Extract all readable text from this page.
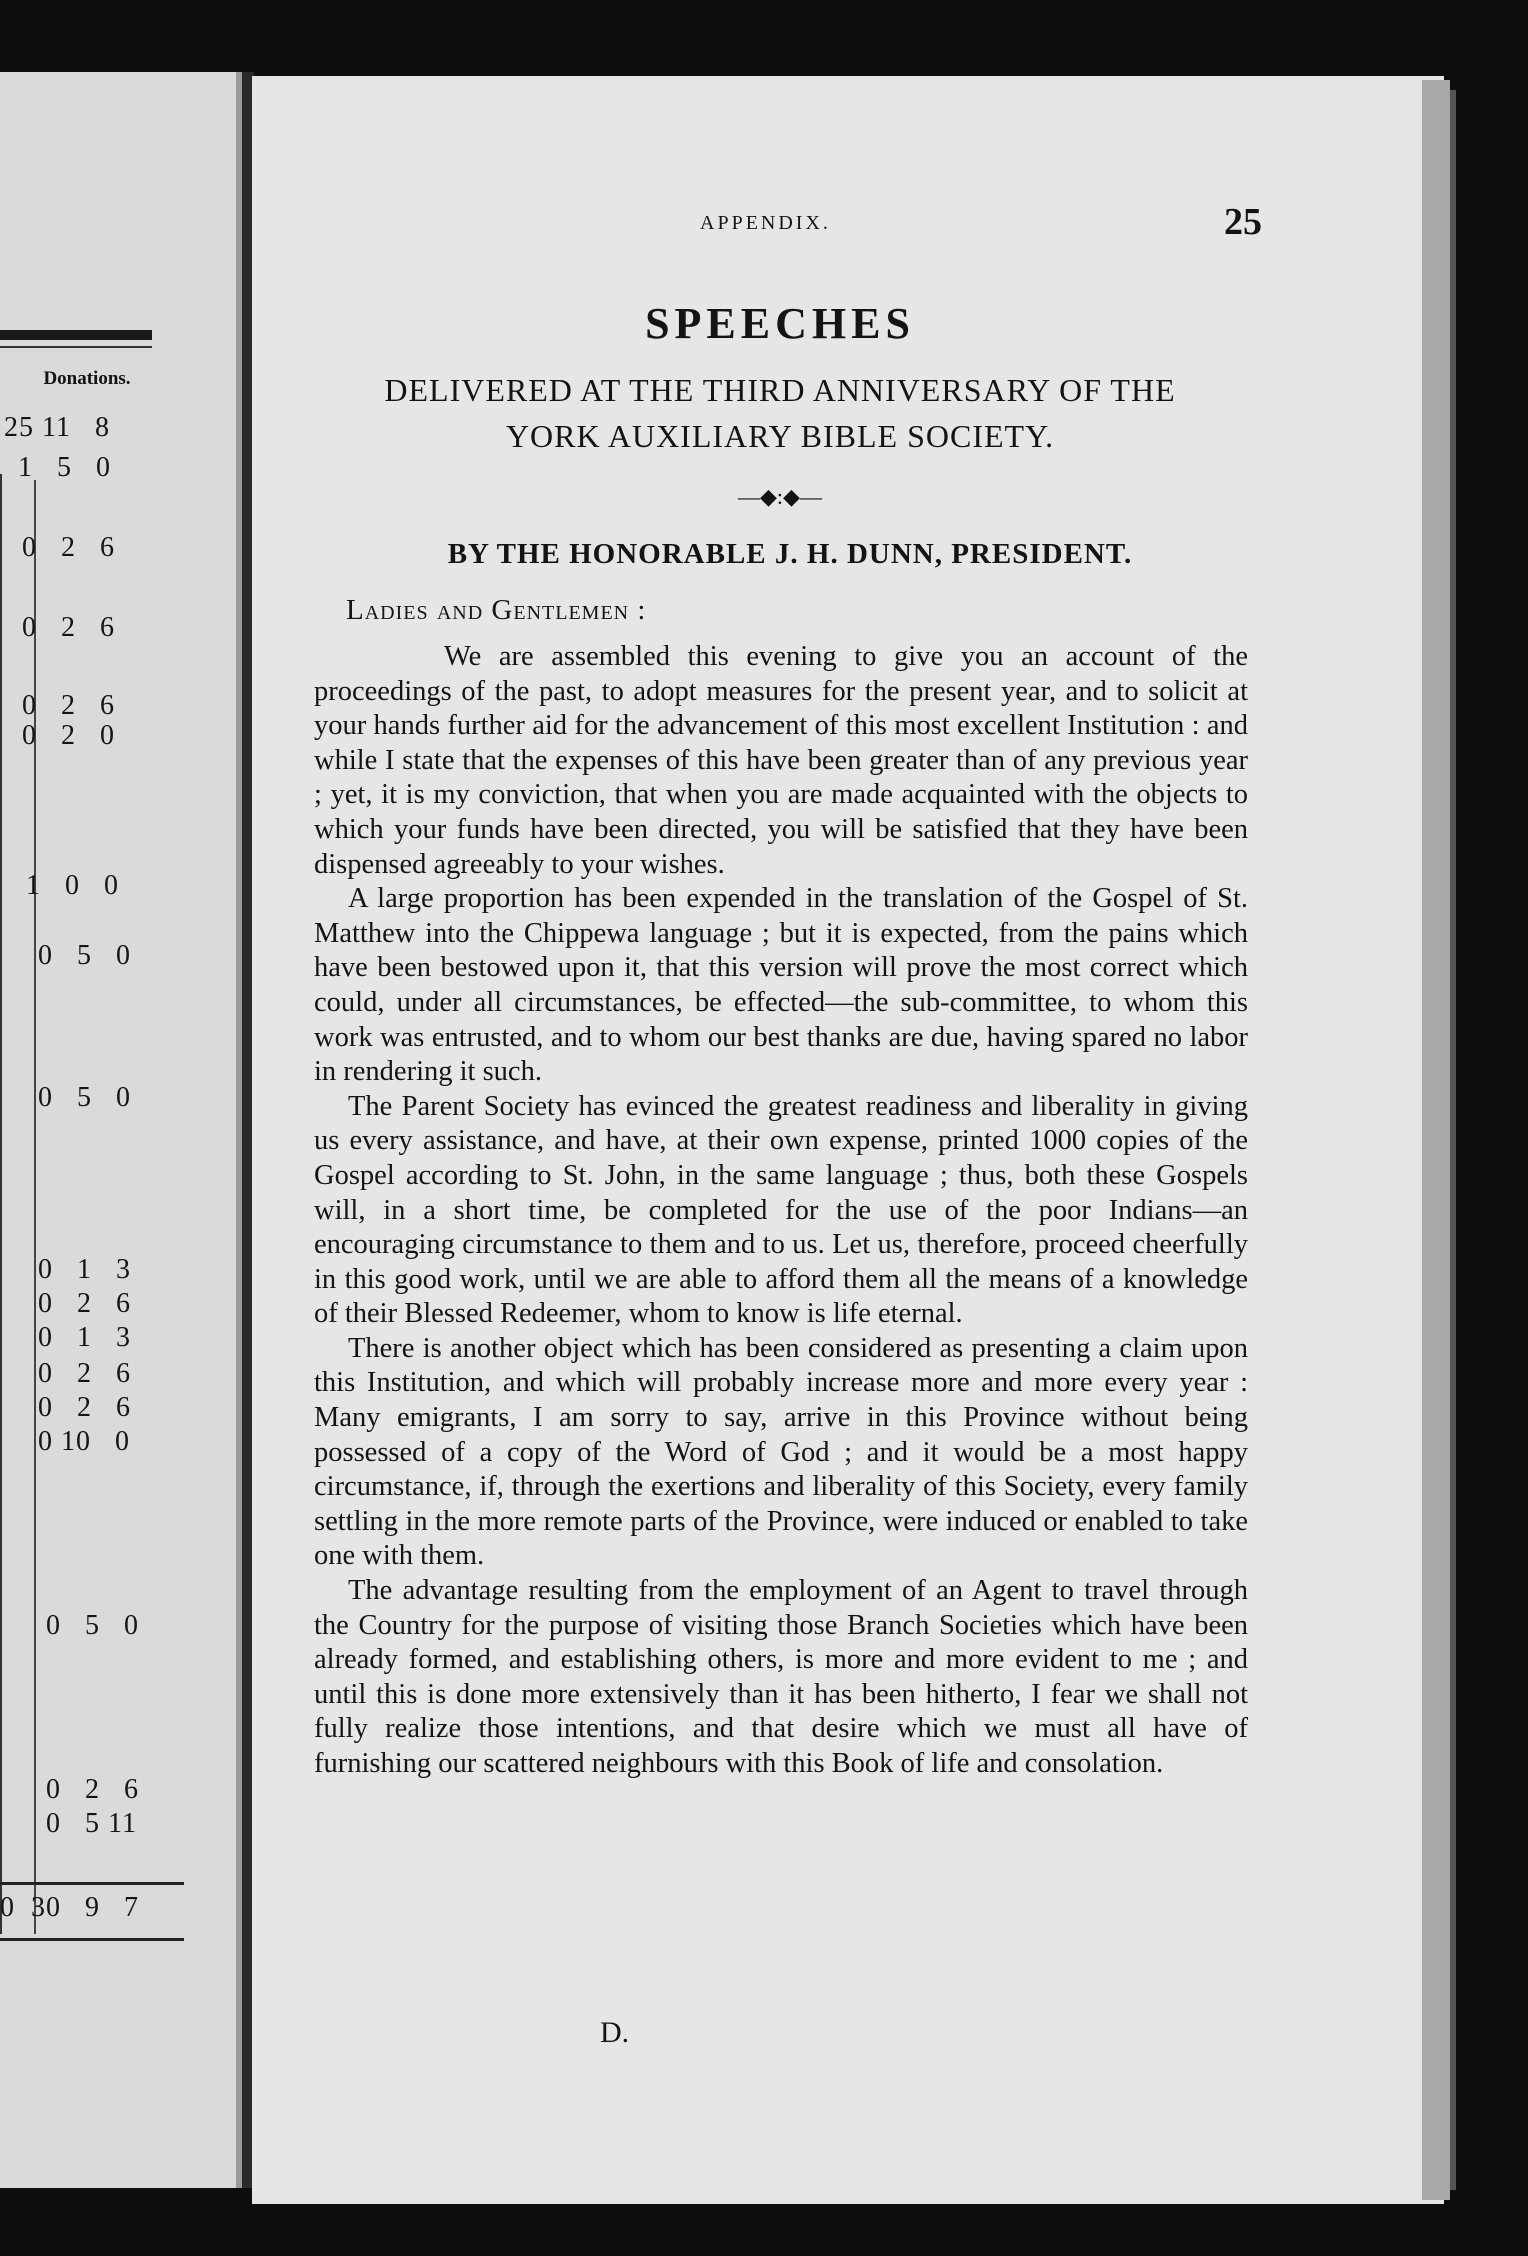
Donations.
25 11   8
1   5   0
0   2   6
0   2   6
0   2   6
0   2   0
1   0   0
0   5   0
0   5   0
0   1   3
0   2   6
0   1   3
0   2   6
0   2   6
0 10   0
0   5   0
0   2   6
0   5 11
0  30   9   7
APPENDIX.	25
SPEECHES
DELIVERED AT THE THIRD ANNIVERSARY OF THE
YORK AUXILIARY BIBLE SOCIETY.
—◆:◆—
BY THE HONORABLE J. H. DUNN, PRESIDENT.
Ladies and Gentlemen :

We are assembled this evening to give you an account of the proceedings of the past, to adopt measures for the present year, and to solicit at your hands further aid for the advancement of this most excellent Institution : and while I state that the expenses of this have been greater than of any previous year ; yet, it is my conviction, that when you are made acquainted with the objects to which your funds have been directed, you will be satisfied that they have been dispensed agreeably to your wishes.

A large proportion has been expended in the translation of the Gospel of St. Matthew into the Chippewa language ; but it is expected, from the pains which have been bestowed upon it, that this version will prove the most correct which could, under all circumstances, be effected—the sub-committee, to whom this work was entrusted, and to whom our best thanks are due, having spared no labor in rendering it such.

The Parent Society has evinced the greatest readiness and liberality in giving us every assistance, and have, at their own expense, printed 1000 copies of the Gospel according to St. John, in the same language ; thus, both these Gospels will, in a short time, be completed for the use of the poor Indians—an encouraging circumstance to them and to us. Let us, therefore, proceed cheerfully in this good work, until we are able to afford them all the means of a knowledge of their Blessed Redeemer, whom to know is life eternal.

There is another object which has been considered as presenting a claim upon this Institution, and which will probably increase more and more every year : Many emigrants, I am sorry to say, arrive in this Province without being possessed of a copy of the Word of God ; and it would be a most happy circumstance, if, through the exertions and liberality of this Society, every family settling in the more remote parts of the Province, were induced or enabled to take one with them.

The advantage resulting from the employment of an Agent to travel through the Country for the purpose of visiting those Branch Societies which have been already formed, and establishing others, is more and more evident to me ; and until this is done more extensively than it has been hitherto, I fear we shall not fully realize those intentions, and that desire which we must all have of furnishing our scattered neighbours with this Book of life and consolation.

D.
